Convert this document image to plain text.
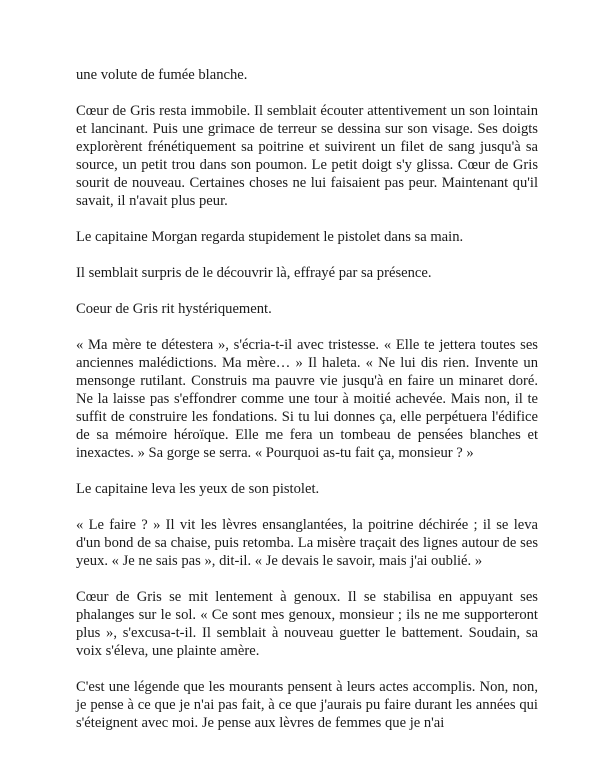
une volute de fumée blanche.

Cœur de Gris resta immobile. Il semblait écouter attentivement un son lointain et lancinant. Puis une grimace de terreur se dessina sur son visage. Ses doigts explorèrent frénétiquement sa poitrine et suivirent un filet de sang jusqu'à sa source, un petit trou dans son poumon. Le petit doigt s'y glissa. Cœur de Gris sourit de nouveau. Certaines choses ne lui faisaient pas peur. Maintenant qu'il savait, il n'avait plus peur.

Le capitaine Morgan regarda stupidement le pistolet dans sa main.

Il semblait surpris de le découvrir là, effrayé par sa présence.

Coeur de Gris rit hystériquement.

« Ma mère te détestera », s'écria-t-il avec tristesse. « Elle te jettera toutes ses anciennes malédictions. Ma mère… » Il haleta. « Ne lui dis rien. Invente un mensonge rutilant. Construis ma pauvre vie jusqu'à en faire un minaret doré. Ne la laisse pas s'effondrer comme une tour à moitié achevée. Mais non, il te suffit de construire les fondations. Si tu lui donnes ça, elle perpétuera l'édifice de sa mémoire héroïque. Elle me fera un tombeau de pensées blanches et inexactes. » Sa gorge se serra. « Pourquoi as-tu fait ça, monsieur ? »

Le capitaine leva les yeux de son pistolet.

« Le faire ? » Il vit les lèvres ensanglantées, la poitrine déchirée ; il se leva d'un bond de sa chaise, puis retomba. La misère traçait des lignes autour de ses yeux. « Je ne sais pas », dit-il. « Je devais le savoir, mais j'ai oublié. »

Cœur de Gris se mit lentement à genoux. Il se stabilisa en appuyant ses phalanges sur le sol. « Ce sont mes genoux, monsieur ; ils ne me supporteront plus », s'excusa-t-il. Il semblait à nouveau guetter le battement. Soudain, sa voix s'éleva, une plainte amère.

C'est une légende que les mourants pensent à leurs actes accomplis. Non, non, je pense à ce que je n'ai pas fait, à ce que j'aurais pu faire durant les années qui s'éteignent avec moi. Je pense aux lèvres de femmes que je n'ai
